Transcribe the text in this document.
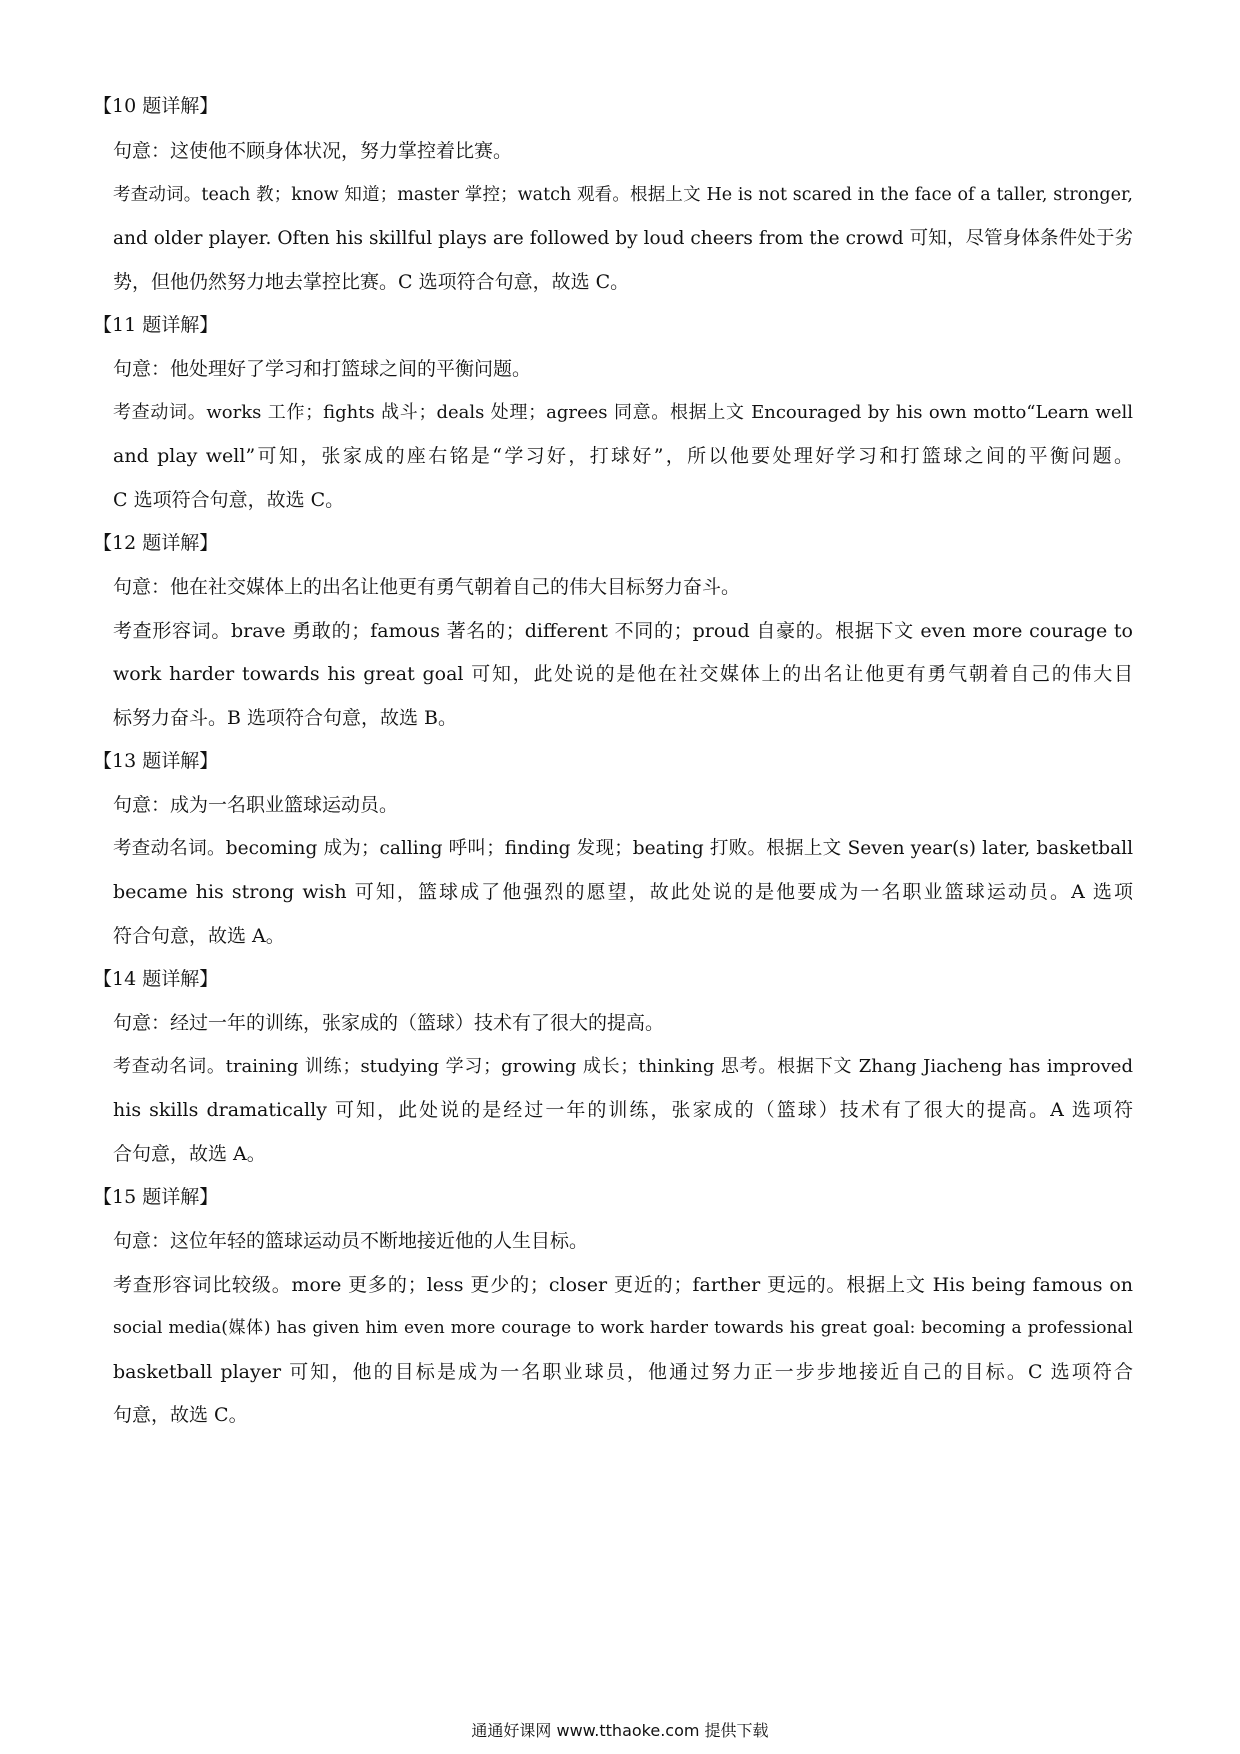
【10 题详解】
句意：这使他不顾身体状况，努力掌控着比赛。
考查动词。teach 教；know 知道；master 掌控；watch 观看。根据上文 He is not scared in the face of a taller, stronger,
and older player. Often his skillful plays are followed by loud cheers from the crowd 可知，尽管身体条件处于劣
势，但他仍然努力地去掌控比赛。C 选项符合句意，故选 C。
【11 题详解】
句意：他处理好了学习和打篮球之间的平衡问题。
考查动词。works 工作；fights 战斗；deals 处理；agrees 同意。根据上文 Encouraged by his own motto“Learn well
and play well”可知，张家成的座右铭是“学习好，打球好”，所以他要处理好学习和打篮球之间的平衡问题。
C 选项符合句意，故选 C。
【12 题详解】
句意：他在社交媒体上的出名让他更有勇气朝着自己的伟大目标努力奋斗。
考查形容词。brave 勇敢的；famous 著名的；different 不同的；proud 自豪的。根据下文 even more courage to
work harder towards his great goal 可知，此处说的是他在社交媒体上的出名让他更有勇气朝着自己的伟大目
标努力奋斗。B 选项符合句意，故选 B。
【13 题详解】
句意：成为一名职业篮球运动员。
考查动名词。becoming 成为；calling 呼叫；finding 发现；beating 打败。根据上文 Seven year(s) later, basketball
became his strong wish 可知，篮球成了他强烈的愿望，故此处说的是他要成为一名职业篮球运动员。A 选项
符合句意，故选 A。
【14 题详解】
句意：经过一年的训练，张家成的（篮球）技术有了很大的提高。
考查动名词。training 训练；studying 学习；growing 成长；thinking 思考。根据下文 Zhang Jiacheng has improved
his skills dramatically 可知，此处说的是经过一年的训练，张家成的（篮球）技术有了很大的提高。A 选项符
合句意，故选 A。
【15 题详解】
句意：这位年轻的篮球运动员不断地接近他的人生目标。
考查形容词比较级。more 更多的；less 更少的；closer 更近的；farther 更远的。根据上文 His being famous on
social media(媒体) has given him even more courage to work harder towards his great goal: becoming a professional
basketball player 可知，他的目标是成为一名职业球员，他通过努力正一步步地接近自己的目标。C 选项符合
句意，故选 C。
通通好课网 www.tthaoke.com 提供下载
